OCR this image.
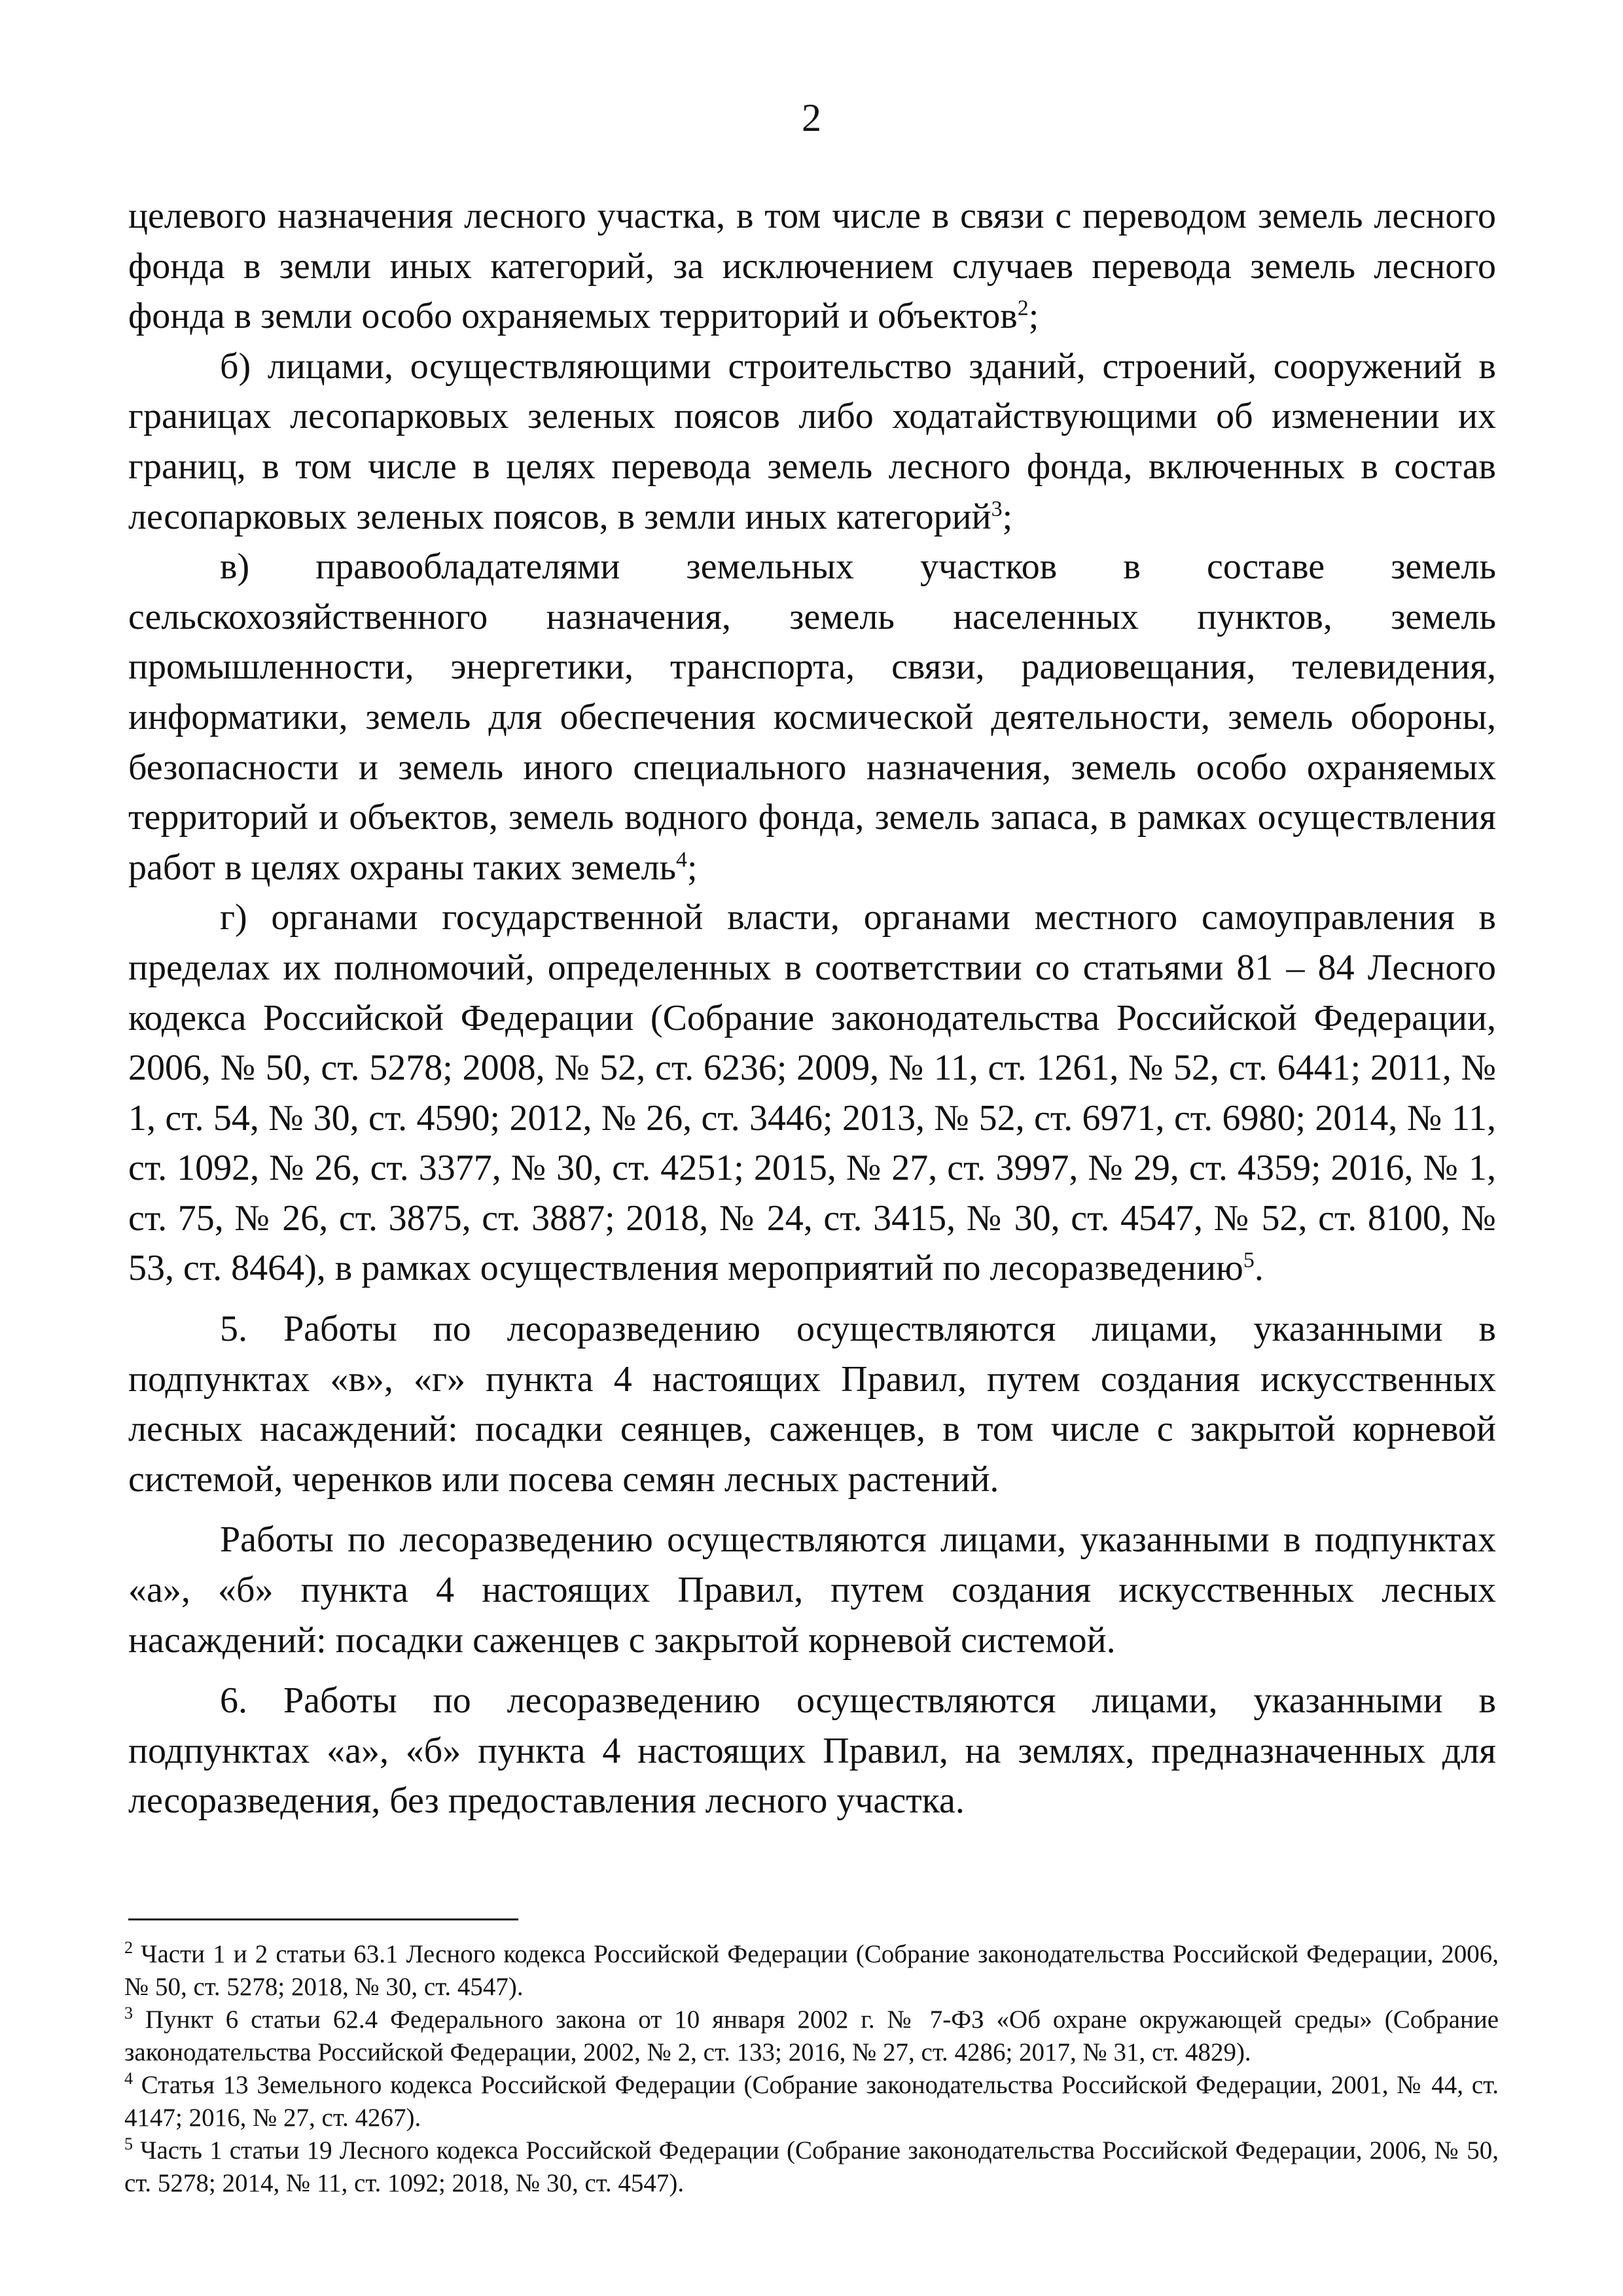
2

целевого назначения лесного участка, в том числе в связи с переводом земель лесного фонда в земли иных категорий, за исключением случаев перевода земель лесного фонда в земли особо охраняемых территорий и объектов$^2$;

б) лицами, осуществляющими строительство зданий, строений, сооружений в границах лесопарковых зеленых поясов либо ходатайствующими об изменении их границ, в том числе в целях перевода земель лесного фонда, включенных в состав лесопарковых зеленых поясов, в земли иных категорий$^3$;

в) правообладателями земельных участков в составе земель сельскохозяйственного назначения, земель населенных пунктов, земель промышленности, энергетики, транспорта, связи, радиовещания, телевидения, информатики, земель для обеспечения космической деятельности, земель обороны, безопасности и земель иного специального назначения, земель особо охраняемых территорий и объектов, земель водного фонда, земель запаса, в рамках осуществления работ в целях охраны таких земель$^4$;

г) органами государственной власти, органами местного самоуправления в пределах их полномочий, определенных в соответствии со статьями 81 – 84 Лесного кодекса Российской Федерации (Собрание законодательства Российской Федерации, 2006, № 50, ст. 5278; 2008, № 52, ст. 6236; 2009, № 11, ст. 1261, № 52, ст. 6441; 2011, № 1, ст. 54, № 30, ст. 4590; 2012, № 26, ст. 3446; 2013, № 52, ст. 6971, ст. 6980; 2014, № 11, ст. 1092, № 26, ст. 3377, № 30, ст. 4251; 2015, № 27, ст. 3997, № 29, ст. 4359; 2016, № 1, ст. 75, № 26, ст. 3875, ст. 3887; 2018, № 24, ст. 3415, № 30, ст. 4547, № 52, ст. 8100, № 53, ст. 8464), в рамках осуществления мероприятий по лесоразведению$^5$.

5. Работы по лесоразведению осуществляются лицами, указанными в подпунктах «в», «г» пункта 4 настоящих Правил, путем создания искусственных лесных насаждений: посадки сеянцев, саженцев, в том числе с закрытой корневой системой, черенков или посева семян лесных растений.

Работы по лесоразведению осуществляются лицами, указанными в подпунктах «а», «б» пункта 4 настоящих Правил, путем создания искусственных лесных насаждений: посадки саженцев с закрытой корневой системой.

6. Работы по лесоразведению осуществляются лицами, указанными в подпунктах «а», «б» пункта 4 настоящих Правил, на землях, предназначенных для лесоразведения, без предоставления лесного участка.

$^2$ Части 1 и 2 статьи 63.1 Лесного кодекса Российской Федерации (Собрание законодательства Российской Федерации, 2006, № 50, ст. 5278; 2018, № 30, ст. 4547).

$^3$ Пункт 6 статьи 62.4 Федерального закона от 10 января 2002 г. № 7-ФЗ «Об охране окружающей среды» (Собрание законодательства Российской Федерации, 2002, № 2, ст. 133; 2016, № 27, ст. 4286; 2017, № 31, ст. 4829).

$^4$ Статья 13 Земельного кодекса Российской Федерации (Собрание законодательства Российской Федерации, 2001, № 44, ст. 4147; 2016, № 27, ст. 4267).

$^5$ Часть 1 статьи 19 Лесного кодекса Российской Федерации (Собрание законодательства Российской Федерации, 2006, № 50, ст. 5278; 2014, № 11, ст. 1092; 2018, № 30, ст. 4547).
